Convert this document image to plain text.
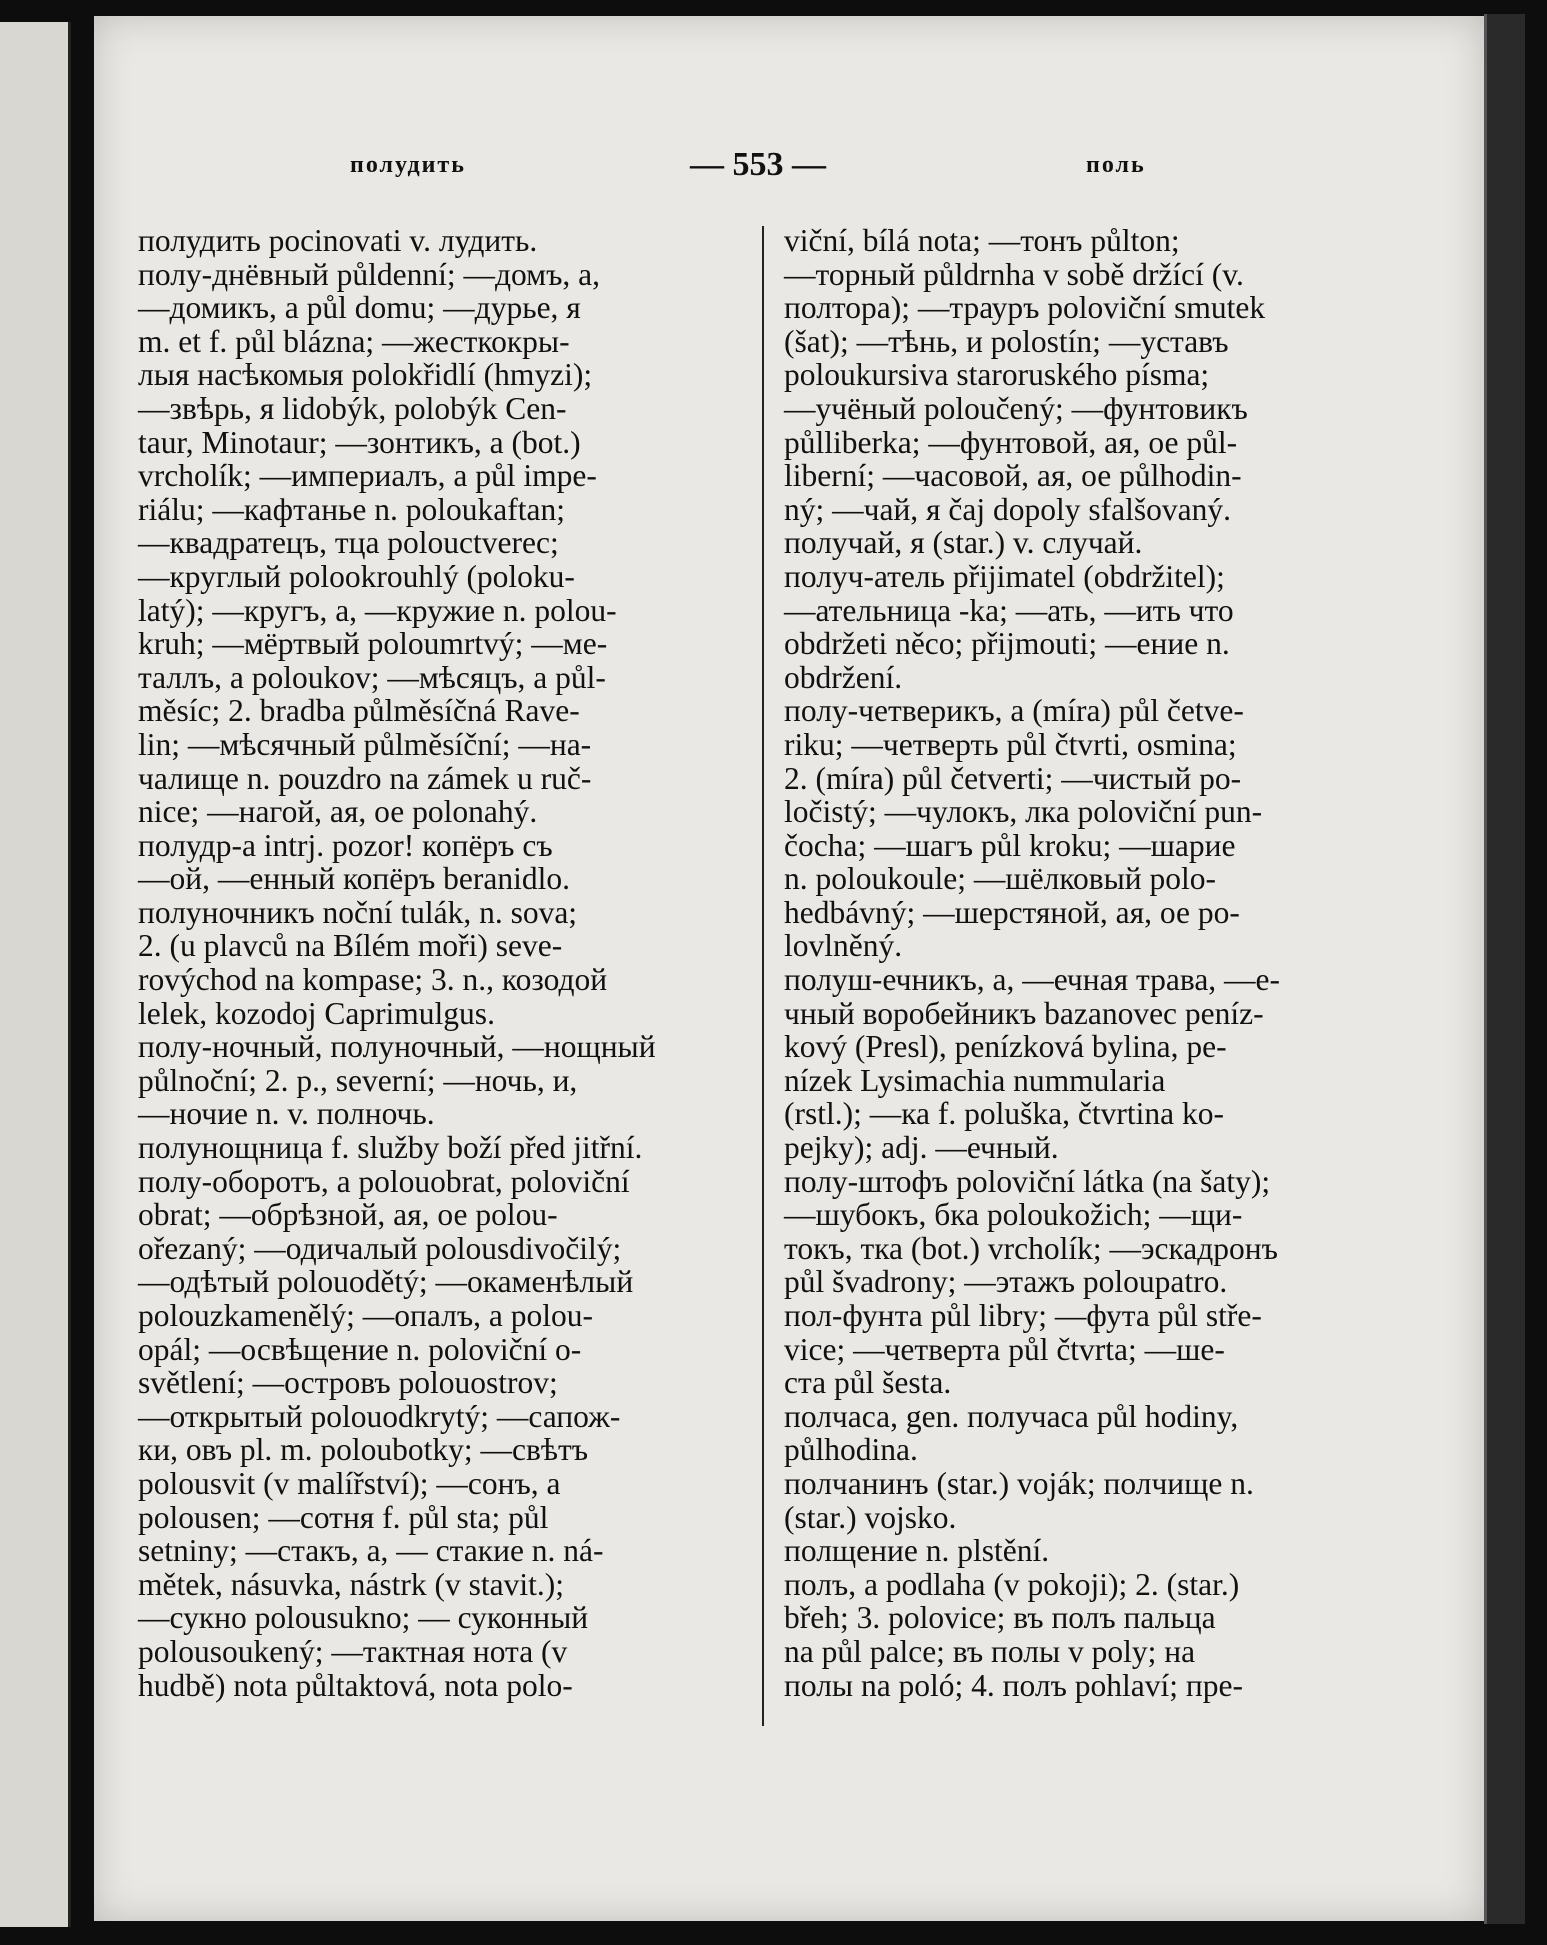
полудить	— 553 —	поль
полудить pocinovati v. лудить.
полу-днёвный půldenní; —домъ, a,
—домикъ, a půl domu; —дурье, я
m. et f. půl blázna; —жесткокры-
лыя насѣкомыя polokřidlí (hmyzi);
—звѣрь, я lidobýk, polobýk Cen-
taur, Minotaur; —зонтикъ, a (bot.)
vrcholík; —империалъ, a půl impe-
riálu; —кафтанье n. poloukaftan;
—квадратецъ, тца polouctverec;
—круглый polookrouhlý (poloku-
latý); —кругъ, a, —кружие n. polou-
kruh; —мёртвый poloumrtvý; —ме-
таллъ, a poloukov; —мѣсяцъ, a půl-
měsíc; 2. bradba půlměsíčná Rave-
lin; —мѣсячный půlměsíční; —на-
чалище n. pouzdro na zámek u ruč-
nice; —нагой, ая, ое polonahý.
полудр-а intrj. pozor! копёръ съ
—ой, —енный копёръ beranidlo.
полуночникъ noční tulák, n. sova;
2. (u plavců na Bílém moři) seve-
rovýchod na kompase; 3. n., козодой
lelek, kozodoj Caprimulgus.
полу-ночный, полуночный, —нощный
půlnoční; 2. p., severní; —ночь, и,
—ночие n. v. полночь.
полунощница f. služby boží před jitřní.
полу-оборотъ, a polouobrat, poloviční
obrat; —обрѣзной, ая, ое polou-
ořezaný; —одичалый polousdivočilý;
—одѣтый polouodětý; —окаменѣлый
polouzkamenělý; —опалъ, a polou-
opál; —освѣщение n. poloviční o-
světlení; —островъ polouostrov;
—открытый polouodkrytý; —сапож-
ки, овъ pl. m. poloubotky; —свѣтъ
polousvit (v malířství); —сонъ, a
polousen; —сотня f. půl sta; půl
setniny; —стакъ, a, — стакие n. ná-
mětek, násuvka, nástrk (v stavit.);
—сукно polousukno; — суконный
polousoukený; —тактная нота (v
hudbě) nota půltaktová, nota polo-
viční, bílá nota; —тонъ půlton;
—торный půldrnha v sobě držící (v.
полтора); —трауръ poloviční smutek
(šat); —тѣнь, и polostín; —уставъ
poloukursiva staroruského písma;
—учёный poloučený; —фунтовикъ
půlliberka; —фунтовой, ая, ое půl-
liberní; —часовой, ая, ое půlhodin-
ný; —чай, я čaj dopoly sfalšovaný.
получай, я (star.) v. случай.
получ-атель přijimatel (obdržitel);
—ательница -ka; —ать, —ить что
obdržeti něco; přijmouti; —ение n.
obdržení.
полу-четверикъ, a (míra) půl četve-
riku; —четверть půl čtvrti, osmina;
2. (míra) půl četverti; —чистый po-
ločistý; —чулокъ, лка poloviční pun-
čocha; —шагъ půl kroku; —шарие
n. poloukoule; —шёлковый polo-
hedbávný; —шерстяной, ая, ое po-
lovlněný.
полуш-ечникъ, a, —ечная трава, —е-
чный воробейникъ bazanovec peníz-
kový (Presl), penízková bylina, pe-
nízek Lysimachia nummularia
(rstl.); —ка f. poluška, čtvrtina ko-
pejky); adj. —ечный.
полу-штофъ poloviční látka (na šaty);
—шубокъ, бка poloukožich; —щи-
токъ, тка (bot.) vrcholík; —эскадронъ
půl švadrony; —этажъ poloupatro.
пол-фунта půl libry; —фута půl stře-
vice; —четверта půl čtvrta; —ше-
ста půl šesta.
полчаса, gen. получаса půl hodiny,
půlhodina.
полчанинъ (star.) voják; полчище n.
(star.) vojsko.
полщение n. plstění.
полъ, a podlaha (v pokoji); 2. (star.)
břeh; 3. polovice; въ полъ пальца
na půl palce; въ полы v poly; на
полы na poló; 4. полъ pohlaví; пре-
